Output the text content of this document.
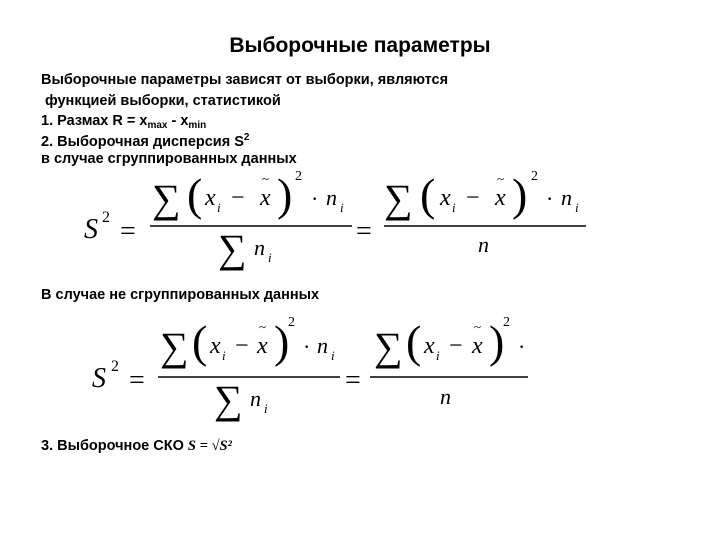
Выборочные параметры
Выборочные параметры зависят от выборки, являются
функцией выборки, статистикой
1. Размах $R = x_{max} - x_{min}$
2. Выборочная дисперсия $S^2$
в случае сгруппированных данных
В случае не сгруппированных данных
3. Выборочное СКО S = √S²
S 2 =
∑ ( x i −
~
x ) 2
· n i
∑ n i
=
∑ ( x i −
~
x ) 2
· n i
n
S 2 =
∑ ( x i −
~
x )
2
· n i
∑ n i
=
∑ ( x i −
~
x )
2
·
n
